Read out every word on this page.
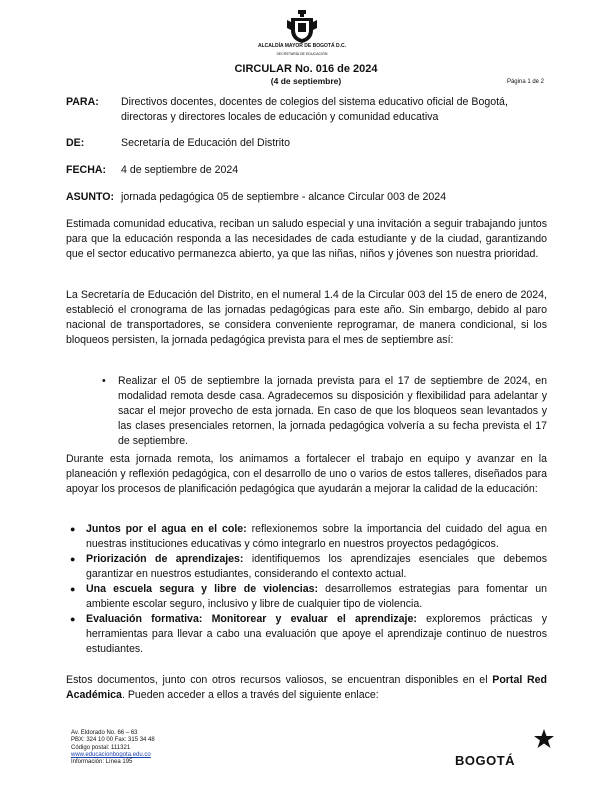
ALCALDÍA MAYOR DE BOGOTÁ D.C.
SECRETARÍA DE EDUCACIÓN
CIRCULAR No. 016 de 2024
(4 de septiembre)	Página 1 de 2
PARA: Directivos docentes, docentes de colegios del sistema educativo oficial de Bogotá, directoras y directores locales de educación y comunidad educativa
DE:	Secretaría de Educación del Distrito
FECHA: 4 de septiembre de 2024
ASUNTO: jornada pedagógica 05 de septiembre - alcance Circular 003 de 2024
Estimada comunidad educativa, reciban un saludo especial y una invitación a seguir trabajando juntos para que la educación responda a las necesidades de cada estudiante y de la ciudad, garantizando que el sector educativo permanezca abierto, ya que las niñas, niños y jóvenes son nuestra prioridad.
La Secretaría de Educación del Distrito, en el numeral 1.4 de la Circular 003 del 15 de enero de 2024, estableció el cronograma de las jornadas pedagógicas para este año. Sin embargo, debido al paro nacional de transportadores, se considera conveniente reprogramar, de manera condicional, si los bloqueos persisten, la jornada pedagógica prevista para el mes de septiembre así:
• Realizar el 05 de septiembre la jornada prevista para el 17 de septiembre de 2024, en modalidad remota desde casa. Agradecemos su disposición y flexibilidad para adelantar y sacar el mejor provecho de esta jornada. En caso de que los bloqueos sean levantados y las clases presenciales retornen, la jornada pedagógica volvería a su fecha prevista el 17 de septiembre.
Durante esta jornada remota, los animamos a fortalecer el trabajo en equipo y avanzar en la planeación y reflexión pedagógica, con el desarrollo de uno o varios de estos talleres, diseñados para apoyar los procesos de planificación pedagógica que ayudarán a mejorar la calidad de la educación:
● Juntos por el agua en el cole: reflexionemos sobre la importancia del cuidado del agua en nuestras instituciones educativas y cómo integrarlo en nuestros proyectos pedagógicos.
● Priorización de aprendizajes: identifiquemos los aprendizajes esenciales que debemos garantizar en nuestros estudiantes, considerando el contexto actual.
● Una escuela segura y libre de violencias: desarrollemos estrategias para fomentar un ambiente escolar seguro, inclusivo y libre de cualquier tipo de violencia.
● Evaluación formativa: Monitorear y evaluar el aprendizaje: exploremos prácticas y herramientas para llevar a cabo una evaluación que apoye el aprendizaje continuo de nuestros estudiantes.
Estos documentos, junto con otros recursos valiosos, se encuentran disponibles en el Portal Red Académica. Pueden acceder a ellos a través del siguiente enlace:
Av. Eldorado No. 66 – 63
PBX: 324 10 00 Fax: 315 34 48
Código postal: 111321
www.educacionbogota.edu.co
Información: Línea 195	BOGOTÁ
